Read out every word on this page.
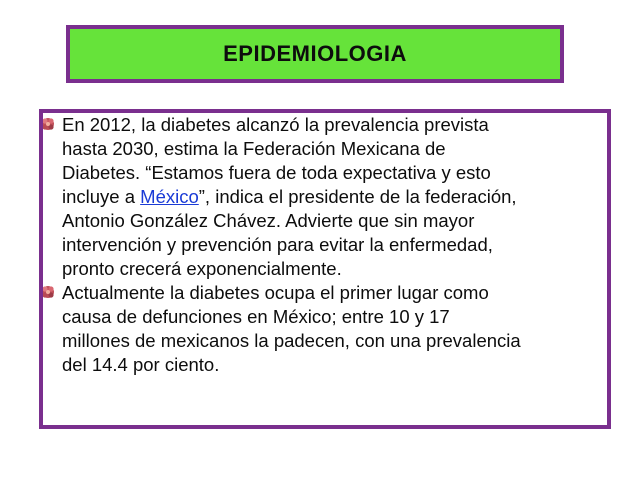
EPIDEMIOLOGIA
En 2012, la diabetes alcanzó la prevalencia prevista
hasta 2030, estima la Federación Mexicana de
Diabetes. “Estamos fuera de toda expectativa y esto
incluye a México”, indica el presidente de la federación,
Antonio González Chávez. Advierte que sin mayor
intervención y prevención para evitar la enfermedad,
pronto crecerá exponencialmente.
Actualmente la diabetes ocupa el primer lugar como
causa de defunciones en México; entre 10 y 17
millones de mexicanos la padecen, con una prevalencia
del 14.4 por ciento.
